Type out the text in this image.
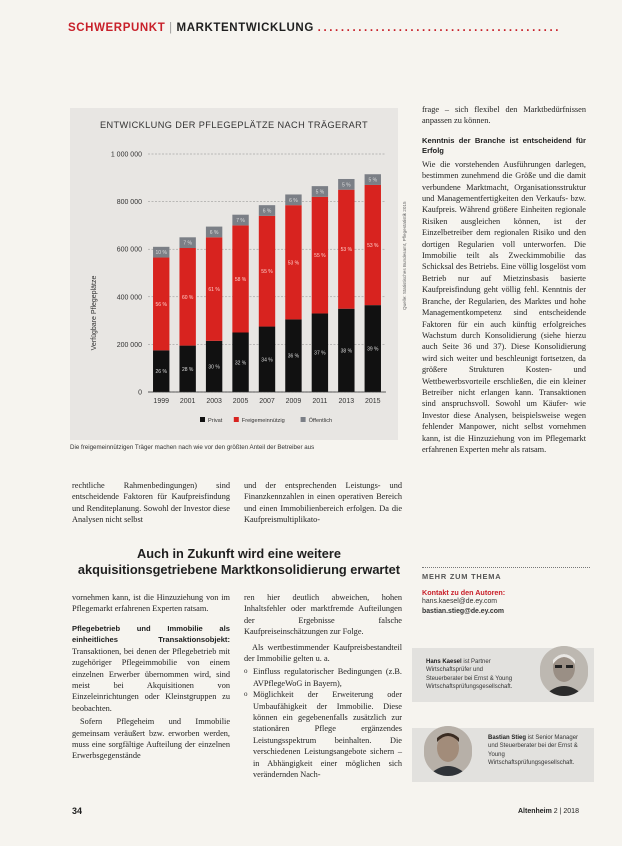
SCHWERPUNKT | MARKTENTWICKLUNG ..........................................
ENTWICKLUNG DER PFLEGEPLÄTZE NACH TRÄGERART
Verfügbare Pflegeplätze
0
200 000
400 000
600 000
800 000
1 000 000
26 %
56 %
10 %
1999
28 %
60 %
7 %
2001
30 %
61 %
6 %
2003
32 %
58 %
7 %
2005
34 %
55 %
6 %
2007
36 %
53 %
6 %
2009
37 %
55 %
5 %
2011
38 %
53 %
5 %
2013
39 %
53 %
5 %
2015
Privat	Freigemeinnützig	Öffentlich
Die freigemeinnützigen Träger machen nach wie vor den größten Anteil der Betreiber aus
Quelle: Statistisches Bundesamt, Pflegestatistik 2015

rechtliche Rahmenbedingungen) sind entscheidende Faktoren für Kaufpreisfindung und Renditeplanung. Sowohl der Investor diese Analysen nicht selbst

und der entsprechenden Leistungs- und Finanzkennzahlen in einen operativen Bereich und einen Immobilienbereich erfolgen. Da die Kaufpreismultiplikato-

Auch in Zukunft wird eine weitere akquisitionsgetriebene Marktkonsolidierung erwartet

vornehmen kann, ist die Hinzuziehung von im Pflegemarkt erfahrenen Experten ratsam.

Pflegebetrieb und Immobilie als einheitliches Transaktionsobjekt: Transaktionen, bei denen der Pflegebetrieb mit zugehöriger Pflegeimmobilie von einem einzelnen Erwerber übernommen wird, sind meist bei Akquisitionen von Einzeleinrichtungen oder Kleinstgruppen zu beobachten.

Sofern Pflegeheim und Immobilie gemeinsam veräußert bzw. erworben werden, muss eine sorgfältige Aufteilung der einzelnen Erwerbsgegenstände

ren hier deutlich abweichen, hohen Inhaltsfehler oder marktfremde Aufteilungen der Ergebnisse falsche Kaufpreiseinschätzungen zur Folge.

Als wertbestimmender Kaufpreisbestandteil der Immobilie gelten u. a.

o Einfluss regulatorischer Bedingungen (z.B. AVPflegeWoG in Bayern),
o Möglichkeit der Erweiterung oder Umbaufähigkeit der Immobilie. Diese können ein gegebenenfalls zusätzlich zur stationären Pflege ergänzendes Leistungsspektrum beinhalten. Die verschiedenen Leistungsangebote sichern – in Abhängigkeit einer möglichen sich verändernden Nach-

frage – sich flexibel den Marktbedürfnissen anpassen zu können.

Kenntnis der Branche ist entscheidend für Erfolg

Wie die vorstehenden Ausführungen darlegen, bestimmen zunehmend die Größe und die damit verbundene Marktmacht, Organisationsstruktur und Managementfertigkeiten den Verkaufs- bzw. Kaufpreis. Während größere Einheiten regionale Risiken ausgleichen können, ist der Einzelbetreiber dem regionalen Risiko und den dortigen Regularien voll unterworfen. Die Immobilie teilt als Zweckimmobilie das Schicksal des Betriebs. Eine völlig losgelöst vom Betrieb nur auf Mietzinsbasis basierte Kaufpreisfindung geht völlig fehl. Kenntnis der Branche, der Regularien, des Marktes und hohe Managementkompetenz sind entscheidende Faktoren für ein auch künftig erfolgreiches Wachstum durch Konsolidierung (siehe hierzu auch Seite 36 und 37). Diese Konsolidierung wird sich weiter und beschleunigt fortsetzen, da größere Strukturen Kosten- und Wettbewerbsvorteile erschließen, die ein kleiner Betreiber nicht erlangen kann. Transaktionen sind anspruchsvoll. Sowohl um Käufer- wie Investor diese Analysen, beispielsweise wegen fehlender Manpower, nicht selbst vornehmen kann, ist die Hinzuziehung von im Pflegemarkt erfahrenen Experten mehr als ratsam.

MEHR ZUM THEMA
Kontakt zu den Autoren:
hans.kaesel@de.ey.com
bastian.stieg@de.ey.com
Hans Kaesel ist Partner Wirtschaftsprüfer und Steuerberater bei Ernst & Young Wirtschaftsprüfungsgesellschaft.
Bastian Stieg ist Senior Manager und Steuerberater bei der Ernst & Young Wirtschaftsprüfungsgesellschaft.
34	Altenheim 2 | 2018
